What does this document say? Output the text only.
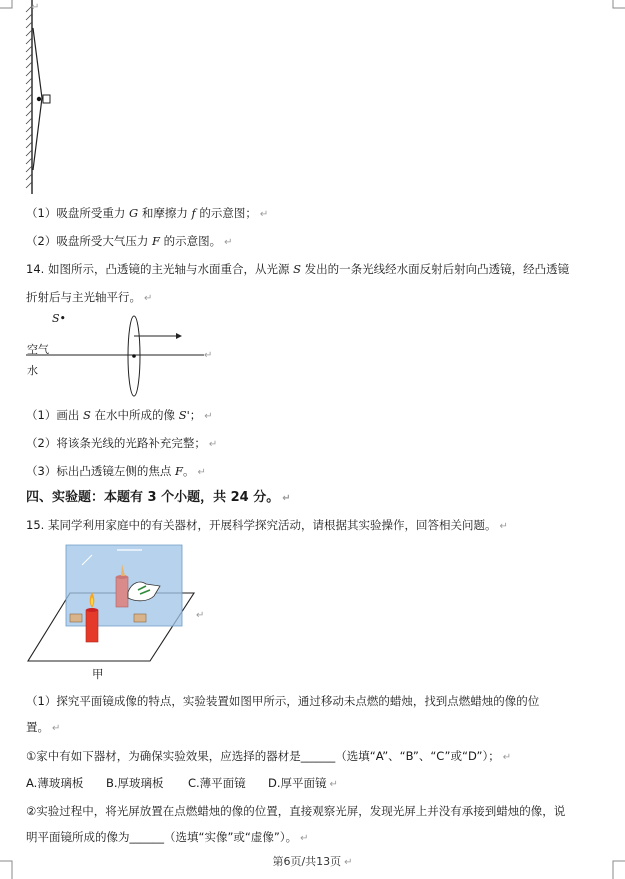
↵
（1）吸盘所受重力 G 和摩擦力 f 的示意图； ↵
（2）吸盘所受大气压力 F 的示意图。 ↵
14. 如图所示，凸透镜的主光轴与水面重合，从光源 S 发出的一条光线经水面反射后射向凸透镜，经凸透镜
折射后与主光轴平行。 ↵
↵
S•
空气
水
（1）画出 S 在水中所成的像 S'； ↵
（2）将该条光线的光路补充完整； ↵
（3）标出凸透镜左侧的焦点 F。 ↵
四、实验题：本题有 3 个小题，共 24 分。 ↵
15. 某同学利用家庭中的有关器材，开展科学探究活动，请根据其实验操作，回答相关问题。 ↵
↵
甲
（1）探究平面镜成像的特点，实验装置如图甲所示，通过移动未点燃的蜡烛，找到点燃蜡烛的像的位
置。 ↵
①家中有如下器材，为确保实验效果，应选择的器材是______（选填“A”、“B”、“C”或“D”）； ↵
A.薄玻璃板 B.厚玻璃板 C.薄平面镜 D.厚平面镜 ↵
②实验过程中，将光屏放置在点燃蜡烛的像的位置，直接观察光屏，发现光屏上并没有承接到蜡烛的像，说
明平面镜所成的像为______（选填“实像”或“虚像”）。 ↵
第6页/共13页 ↵
